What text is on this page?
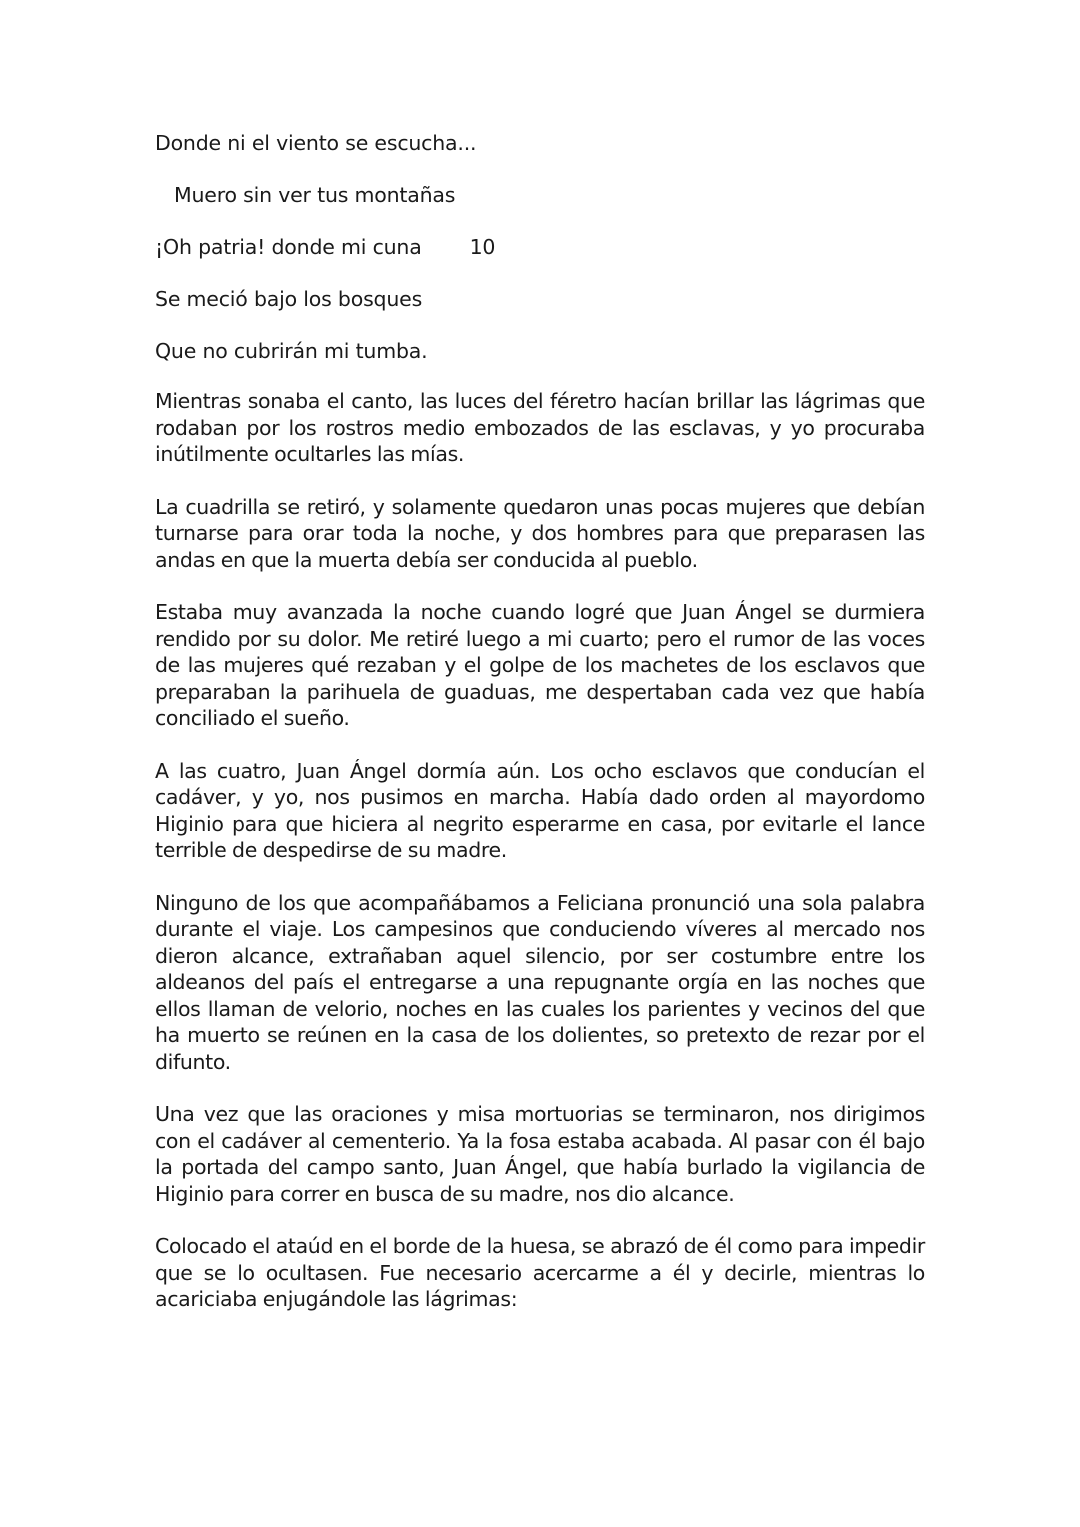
Donde ni el viento se escucha...

Muero sin ver tus montañas

¡Oh patria! donde mi cuna 10

Se meció bajo los bosques

Que no cubrirán mi tumba.

Mientras sonaba el canto, las luces del féretro hacían brillar las lágrimas que rodaban por los rostros medio embozados de las esclavas, y yo procuraba inútilmente ocultarles las mías.

La cuadrilla se retiró, y solamente quedaron unas pocas mujeres que debían turnarse para orar toda la noche, y dos hombres para que preparasen las andas en que la muerta debía ser conducida al pueblo.

Estaba muy avanzada la noche cuando logré que Juan Ángel se durmiera rendido por su dolor. Me retiré luego a mi cuarto; pero el rumor de las voces de las mujeres qué rezaban y el golpe de los machetes de los esclavos que preparaban la parihuela de guaduas, me despertaban cada vez que había conciliado el sueño.

A las cuatro, Juan Ángel dormía aún. Los ocho esclavos que conducían el cadáver, y yo, nos pusimos en marcha. Había dado orden al mayordomo Higinio para que hiciera al negrito esperarme en casa, por evitarle el lance terrible de despedirse de su madre.

Ninguno de los que acompañábamos a Feliciana pronunció una sola palabra durante el viaje. Los campesinos que conduciendo víveres al mercado nos dieron alcance, extrañaban aquel silencio, por ser costumbre entre los aldeanos del país el entregarse a una repugnante orgía en las noches que ellos llaman de velorio, noches en las cuales los parientes y vecinos del que ha muerto se reúnen en la casa de los dolientes, so pretexto de rezar por el difunto.

Una vez que las oraciones y misa mortuorias se terminaron, nos dirigimos con el cadáver al cementerio. Ya la fosa estaba acabada. Al pasar con él bajo la portada del campo santo, Juan Ángel, que había burlado la vigilancia de Higinio para correr en busca de su madre, nos dio alcance.

Colocado el ataúd en el borde de la huesa, se abrazó de él como para impedir que se lo ocultasen. Fue necesario acercarme a él y decirle, mientras lo acariciaba enjugándole las lágrimas:
